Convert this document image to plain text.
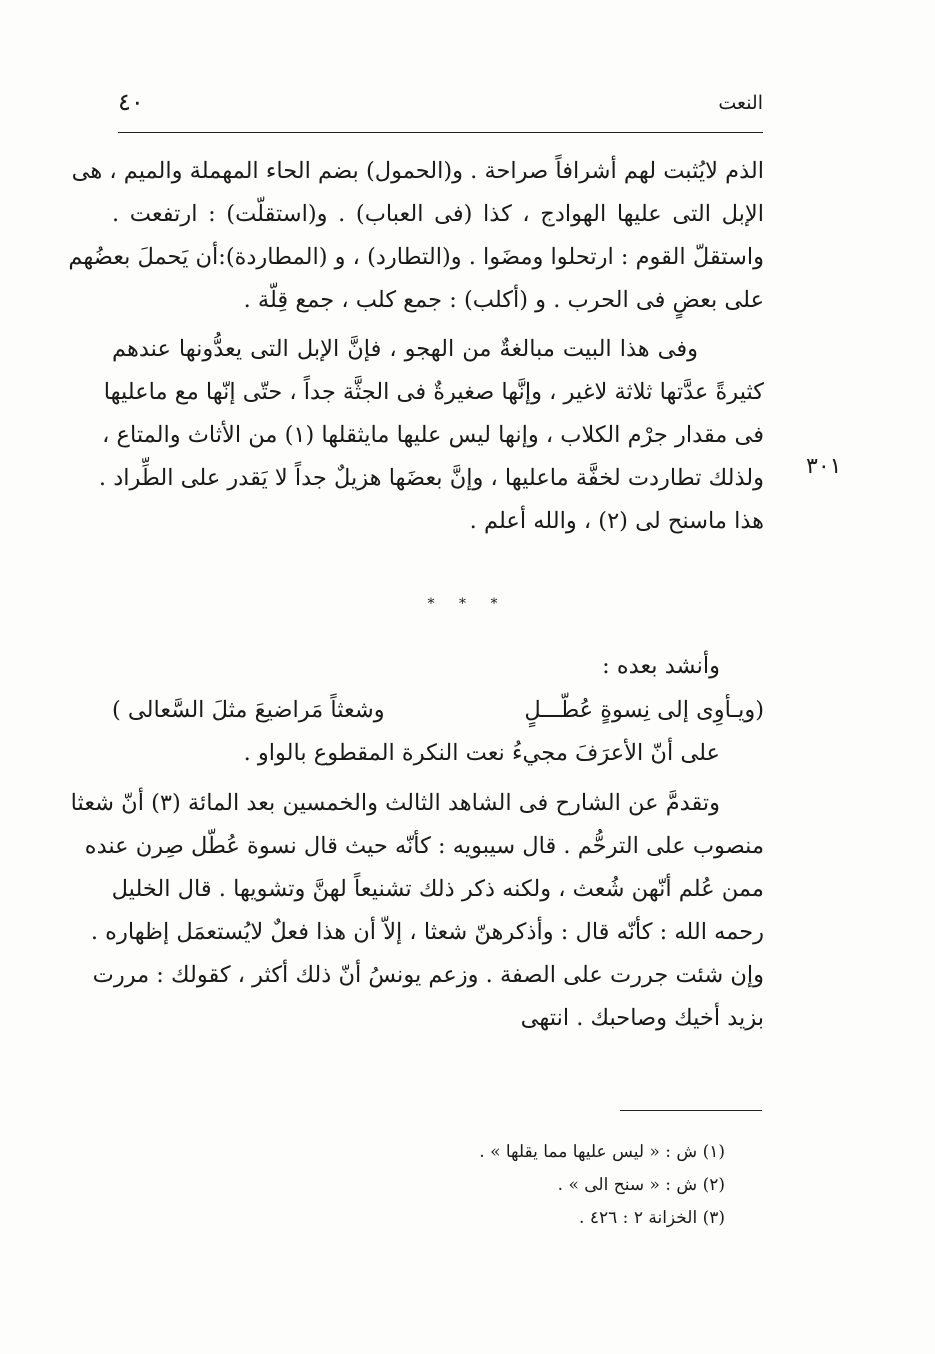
النعت
٤٠
٣٠١
الذم لايُثبت لهم أشرافاً صراحة . و(الحمول) بضم الحاء المهملة والميم ، هى
الإبل التى عليها الهوادج ، كذا (فى العباب) . و(استقلّت) : ارتفعت .
واستقلّ القوم : ارتحلوا ومضَوا . و(التطارد) ، و (المطاردة):أن يَحملَ بعضُهم
على بعضٍ فى الحرب . و (أكلب) : جمع كلب ، جمع قِلّة .
وفى هذا البيت مبالغةٌ من الهجو ، فإنَّ الإبل التى يعدُّونها عندهم
كثيرةً عدَّتها ثلاثة لاغير ، وإنَّها صغيرةٌ فى الجثَّة جداً ، حتّى إنّها مع ماعليها
فى مقدار جرْم الكلاب ، وإنها ليس عليها مايثقلها (١) من الأثاث والمتاع ،
ولذلك تطاردت لخفَّة ماعليها ، وإنَّ بعضَها هزيلٌ جداً لا يَقدر على الطِّراد .
هذا ماسنح لى (٢) ، والله أعلم .
* * *
وأنشد بعده :
(ويـأوِى إلى نِسوةٍ عُطّـــلٍ
وشعثاً مَراضيعَ مثلَ السَّعالى )
على أنّ الأعرَفَ مجيءُ نعت النكرة المقطوع بالواو .
وتقدمَّ عن الشارح فى الشاهد الثالث والخمسين بعد المائة (٣) أنّ شعثا
منصوب على الترحُّم . قال سيبويه : كأنّه حيث قال نسوة عُطّل صِرن عنده
ممن عُلم أنّهن شُعث ، ولكنه ذكر ذلك تشنيعاً لهنَّ وتشويها . قال الخليل
رحمه الله : كأنّه قال : وأذكرهنّ شعثا ، إلاّ أن هذا فعلٌ لايُستعمَل إظهاره .
وإن شئت جررت على الصفة . وزعم يونسُ أنّ ذلك أكثر ، كقولك : مررت
بزيد أخيك وصاحبك . انتهى
(١) ش : « ليس عليها مما يقلها » .
(٢) ش : « سنح الى » .
(٣) الخزانة ٢ : ٤٢٦ .
